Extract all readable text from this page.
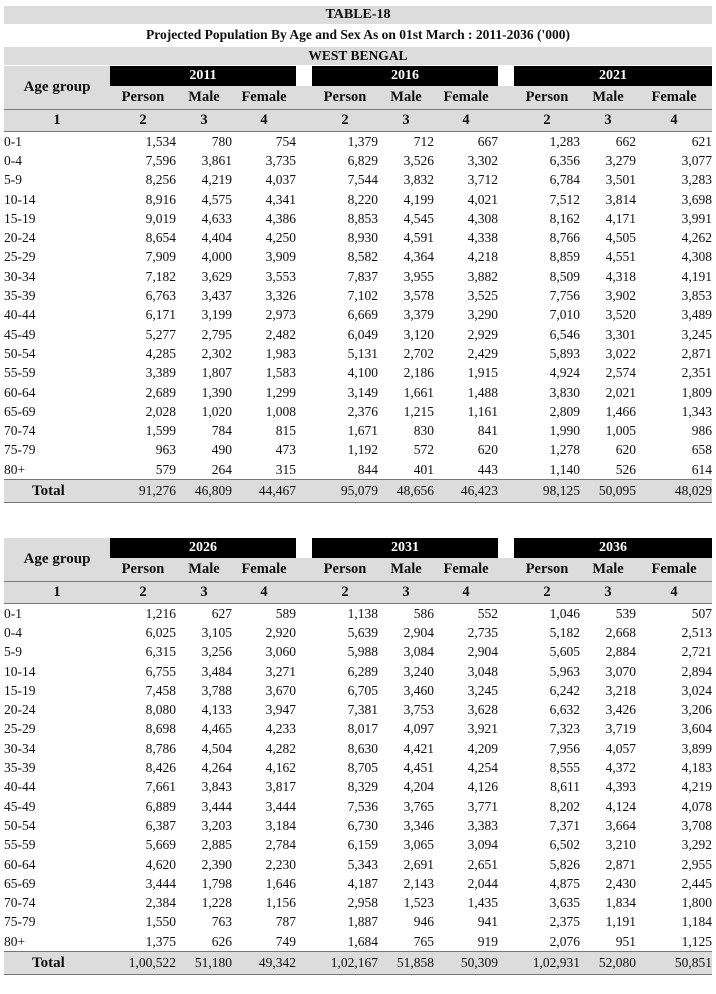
TABLE-18
Projected Population By Age and Sex As on 01st March : 2011-2036 ('000)
WEST BENGAL
Age group	2011				2016				2021		
	Person	Male	Female		Person	Male	Female		Person	Male	Female
1	2	3	4		2	3	4		2	3	4
0-1	1,534	780	754		1,379	712	667		1,283	662	621
0-4	7,596	3,861	3,735		6,829	3,526	3,302		6,356	3,279	3,077
5-9	8,256	4,219	4,037		7,544	3,832	3,712		6,784	3,501	3,283
10-14	8,916	4,575	4,341		8,220	4,199	4,021		7,512	3,814	3,698
15-19	9,019	4,633	4,386		8,853	4,545	4,308		8,162	4,171	3,991
20-24	8,654	4,404	4,250		8,930	4,591	4,338		8,766	4,505	4,262
25-29	7,909	4,000	3,909		8,582	4,364	4,218		8,859	4,551	4,308
30-34	7,182	3,629	3,553		7,837	3,955	3,882		8,509	4,318	4,191
35-39	6,763	3,437	3,326		7,102	3,578	3,525		7,756	3,902	3,853
40-44	6,171	3,199	2,973		6,669	3,379	3,290		7,010	3,520	3,489
45-49	5,277	2,795	2,482		6,049	3,120	2,929		6,546	3,301	3,245
50-54	4,285	2,302	1,983		5,131	2,702	2,429		5,893	3,022	2,871
55-59	3,389	1,807	1,583		4,100	2,186	1,915		4,924	2,574	2,351
60-64	2,689	1,390	1,299		3,149	1,661	1,488		3,830	2,021	1,809
65-69	2,028	1,020	1,008		2,376	1,215	1,161		2,809	1,466	1,343
70-74	1,599	784	815		1,671	830	841		1,990	1,005	986
75-79	963	490	473		1,192	572	620		1,278	620	658
80+	579	264	315		844	401	443		1,140	526	614
Total	91,276	46,809	44,467		95,079	48,656	46,423		98,125	50,095	48,029
Age group	2026				2031				2036		
	Person	Male	Female		Person	Male	Female		Person	Male	Female
1	2	3	4		2	3	4		2	3	4
0-1	1,216	627	589		1,138	586	552		1,046	539	507
0-4	6,025	3,105	2,920		5,639	2,904	2,735		5,182	2,668	2,513
5-9	6,315	3,256	3,060		5,988	3,084	2,904		5,605	2,884	2,721
10-14	6,755	3,484	3,271		6,289	3,240	3,048		5,963	3,070	2,894
15-19	7,458	3,788	3,670		6,705	3,460	3,245		6,242	3,218	3,024
20-24	8,080	4,133	3,947		7,381	3,753	3,628		6,632	3,426	3,206
25-29	8,698	4,465	4,233		8,017	4,097	3,921		7,323	3,719	3,604
30-34	8,786	4,504	4,282		8,630	4,421	4,209		7,956	4,057	3,899
35-39	8,426	4,264	4,162		8,705	4,451	4,254		8,555	4,372	4,183
40-44	7,661	3,843	3,817		8,329	4,204	4,126		8,611	4,393	4,219
45-49	6,889	3,444	3,444		7,536	3,765	3,771		8,202	4,124	4,078
50-54	6,387	3,203	3,184		6,730	3,346	3,383		7,371	3,664	3,708
55-59	5,669	2,885	2,784		6,159	3,065	3,094		6,502	3,210	3,292
60-64	4,620	2,390	2,230		5,343	2,691	2,651		5,826	2,871	2,955
65-69	3,444	1,798	1,646		4,187	2,143	2,044		4,875	2,430	2,445
70-74	2,384	1,228	1,156		2,958	1,523	1,435		3,635	1,834	1,800
75-79	1,550	763	787		1,887	946	941		2,375	1,191	1,184
80+	1,375	626	749		1,684	765	919		2,076	951	1,125
Total	1,00,522	51,180	49,342		1,02,167	51,858	50,309		1,02,931	52,080	50,851
